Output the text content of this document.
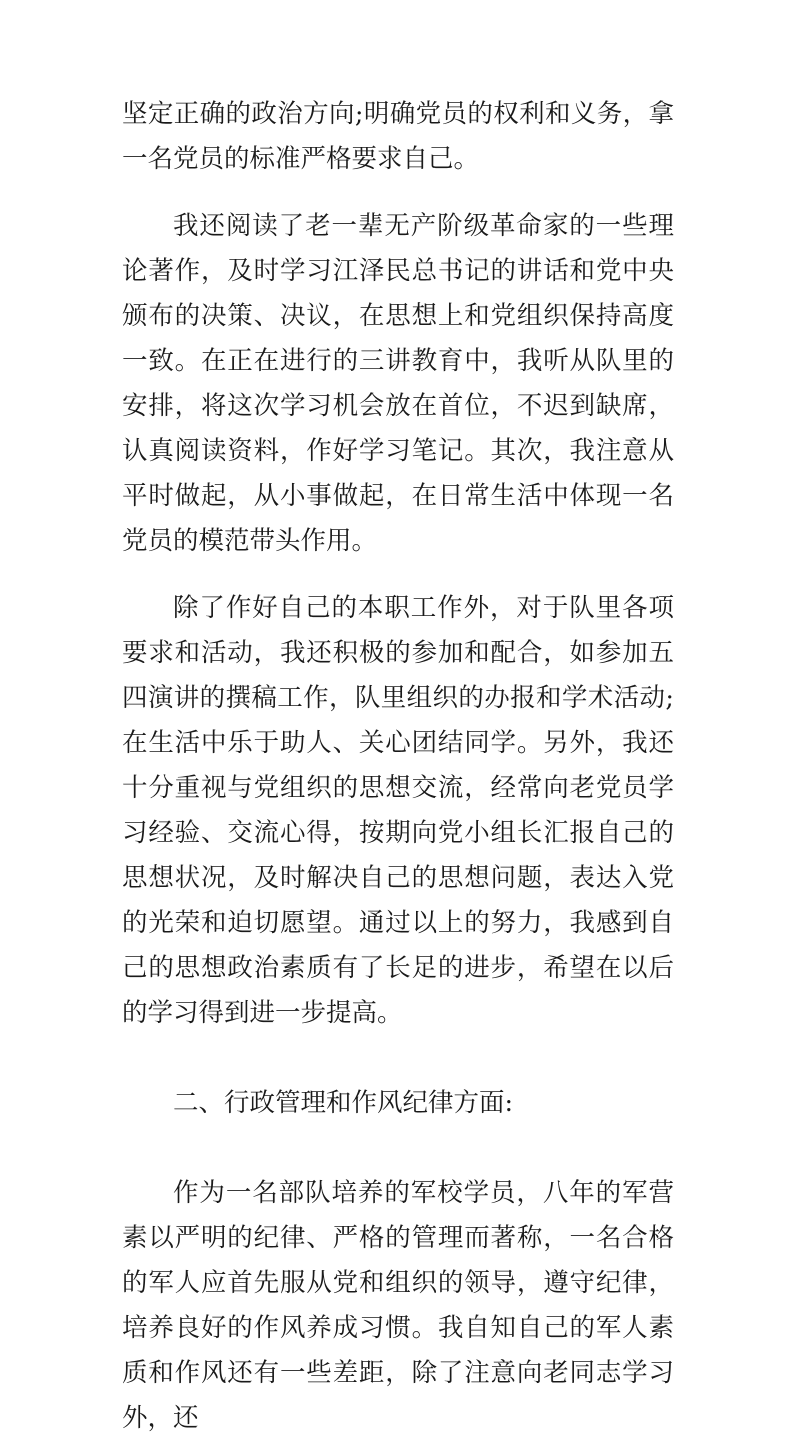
坚定正确的政治方向;明确党员的权利和义务，拿一名党员的标准严格要求自己。

我还阅读了老一辈无产阶级革命家的一些理论著作，及时学习江泽民总书记的讲话和党中央颁布的决策、决议，在思想上和党组织保持高度一致。在正在进行的三讲教育中，我听从队里的安排，将这次学习机会放在首位，不迟到缺席，认真阅读资料，作好学习笔记。其次，我注意从平时做起，从小事做起，在日常生活中体现一名党员的模范带头作用。

除了作好自己的本职工作外，对于队里各项要求和活动，我还积极的参加和配合，如参加五四演讲的撰稿工作，队里组织的办报和学术活动;在生活中乐于助人、关心团结同学。另外，我还十分重视与党组织的思想交流，经常向老党员学习经验、交流心得，按期向党小组长汇报自己的思想状况，及时解决自己的思想问题，表达入党的光荣和迫切愿望。通过以上的努力，我感到自己的思想政治素质有了长足的进步，希望在以后的学习得到进一步提高。

二、行政管理和作风纪律方面:

作为一名部队培养的军校学员，八年的军营素以严明的纪律、严格的管理而著称，一名合格的军人应首先服从党和组织的领导，遵守纪律，培养良好的作风养成习惯。我自知自己的军人素质和作风还有一些差距，除了注意向老同志学习外，还
